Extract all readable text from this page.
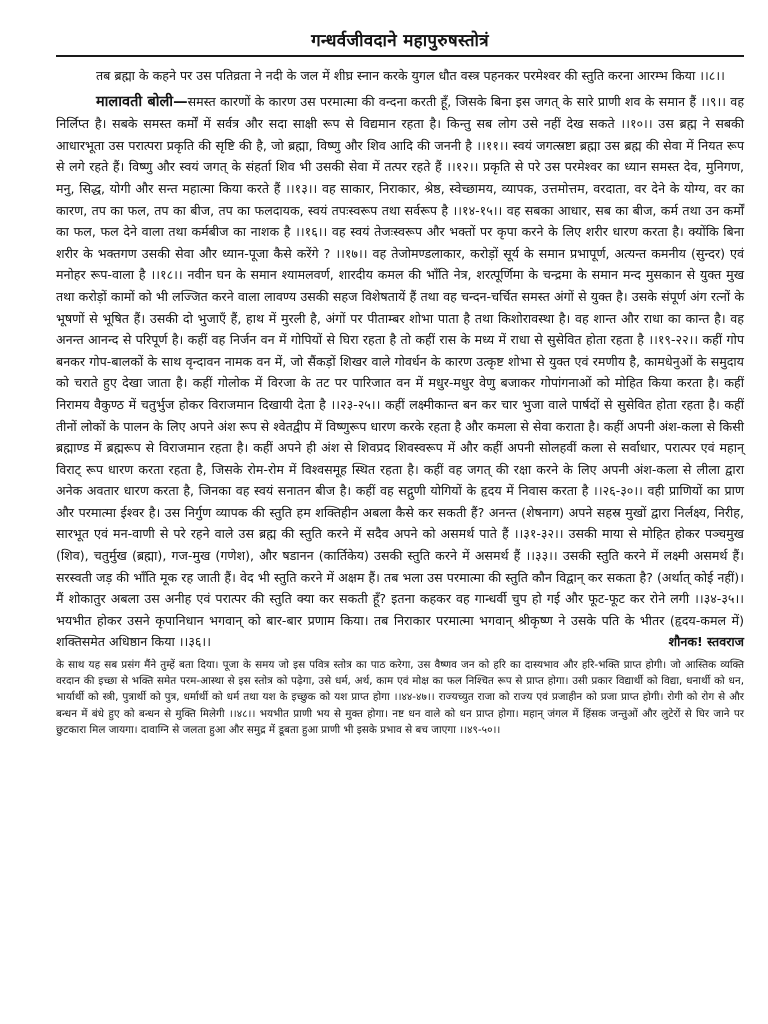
गन्धर्वजीवदाने महापुरुषस्तोत्रं

तब ब्रह्मा के कहने पर उस पतिव्रता ने नदी के जल में शीघ्र स्नान करके युगल धौत वस्त्र पहनकर परमेश्वर की स्तुति करना आरम्भ किया ।।८।।

मालावती बोली—समस्त कारणों के कारण उस परमात्मा की वन्दना करती हूँ, जिसके बिना इस जगत् के सारे प्राणी शव के समान हैं ।।९।। वह निर्लिप्त है। सबके समस्त कर्मों में सर्वत्र और सदा साक्षी रूप से विद्यमान रहता है। किन्तु सब लोग उसे नहीं देख सकते ।।१०।। उस ब्रह्म ने सबकी आधारभूता उस परात्परा प्रकृति की सृष्टि की है, जो ब्रह्मा, विष्णु और शिव आदि की जननी है ।।११।। स्वयं जगत्स्रष्टा ब्रह्मा उस ब्रह्म की सेवा में नियत रूप से लगे रहते हैं। विष्णु और स्वयं जगत् के संहर्ता शिव भी उसकी सेवा में तत्पर रहते हैं ।।१२।। प्रकृति से परे उस परमेश्वर का ध्यान समस्त देव, मुनिगण, मनु, सिद्ध, योगी और सन्त महात्मा किया करते हैं ।।१३।। वह साकार, निराकार, श्रेष्ठ, स्वेच्छामय, व्यापक, उत्तमोत्तम, वरदाता, वर देने के योग्य, वर का कारण, तप का फल, तप का बीज, तप का फलदायक, स्वयं तपःस्वरूप तथा सर्वरूप है ।।१४-१५।। वह सबका आधार, सब का बीज, कर्म तथा उन कर्मों का फल, फल देने वाला तथा कर्मबीज का नाशक है ।।१६।। वह स्वयं तेजःस्वरूप और भक्तों पर कृपा करने के लिए शरीर धारण करता है। क्योंकि बिना शरीर के भक्तगण उसकी सेवा और ध्यान-पूजा कैसे करेंगे ? ।।१७।। वह तेजोमण्डलाकार, करोड़ों सूर्य के समान प्रभापूर्ण, अत्यन्त कमनीय (सुन्दर) एवं मनोहर रूप-वाला है ।।१८।। नवीन घन के समान श्यामलवर्ण, शारदीय कमल की भाँति नेत्र, शरत्पूर्णिमा के चन्द्रमा के समान मन्द मुसकान से युक्त मुख तथा करोड़ों कामों को भी लज्जित करने वाला लावण्य उसकी सहज विशेषतायें हैं तथा वह चन्दन-चर्चित समस्त अंगों से युक्त है। उसके संपूर्ण अंग रत्नों के भूषणों से भूषित हैं। उसकी दो भुजाएँ हैं, हाथ में मुरली है, अंगों पर पीताम्बर शोभा पाता है तथा किशोरावस्था है। वह शान्त और राधा का कान्त है। वह अनन्त आनन्द से परिपूर्ण है। कहीं वह निर्जन वन में गोपियों से घिरा रहता है तो कहीं रास के मध्य में राधा से सुसेवित होता रहता है ।।१९-२२।। कहीं गोप बनकर गोप-बालकों के साथ वृन्दावन नामक वन में, जो सैंकड़ों शिखर वाले गोवर्धन के कारण उत्कृष्ट शोभा से युक्त एवं रमणीय है, कामधेनुओं के समुदाय को चराते हुए देखा जाता है। कहीं गोलोक में विरजा के तट पर पारिजात वन में मधुर-मधुर वेणु बजाकर गोपांगनाओं को मोहित किया करता है। कहीं निरामय वैकुण्ठ में चतुर्भुज होकर विराजमान दिखायी देता है ।।२३-२५।। कहीं लक्ष्मीकान्त बन कर चार भुजा वाले पार्षदों से सुसेवित होता रहता है। कहीं तीनों लोकों के पालन के लिए अपने अंश रूप से श्वेतद्वीप में विष्णुरूप धारण करके रहता है और कमला से सेवा कराता है। कहीं अपनी अंश-कला से किसी ब्रह्माण्ड में ब्रह्मरूप से विराजमान रहता है। कहीं अपने ही अंश से शिवप्रद शिवस्वरूप में और कहीं अपनी सोलहवीं कला से सर्वाधार, परात्पर एवं महान् विराट् रूप धारण करता रहता है, जिसके रोम-रोम में विश्वसमूह स्थित रहता है। कहीं वह जगत् की रक्षा करने के लिए अपनी अंश-कला से लीला द्वारा अनेक अवतार धारण करता है, जिनका वह स्वयं सनातन बीज है। कहीं वह सद्गुणी योगियों के हृदय में निवास करता है ।।२६-३०।। वही प्राणियों का प्राण और परमात्मा ईश्वर है। उस निर्गुण व्यापक की स्तुति हम शक्तिहीन अबला कैसे कर सकती हैं? अनन्त (शेषनाग) अपने सहस्र मुखों द्वारा निर्लक्ष्य, निरीह, सारभूत एवं मन-वाणी से परे रहने वाले उस ब्रह्म की स्तुति करने में सदैव अपने को असमर्थ पाते हैं ।।३१-३२।। उसकी माया से मोहित होकर पञ्चमुख (शिव), चतुर्मुख (ब्रह्मा), गज-मुख (गणेश), और षडानन (कार्तिकेय) उसकी स्तुति करने में असमर्थ हैं ।।३३।। उसकी स्तुति करने में लक्ष्मी असमर्थ हैं। सरस्वती जड़ की भाँति मूक रह जाती हैं। वेद भी स्तुति करने में अक्षम हैं। तब भला उस परमात्मा की स्तुति कौन विद्वान् कर सकता है? (अर्थात् कोई नहीं)। मैं शोकातुर अबला उस अनीह एवं परात्पर की स्तुति क्या कर सकती हूँ? इतना कहकर वह गान्धर्वी चुप हो गई और फूट-फूट कर रोने लगी ।।३४-३५।। भयभीत होकर उसने कृपानिधान भगवान् को बार-बार प्रणाम किया। तब निराकार परमात्मा भगवान् श्रीकृष्ण ने उसके पति के भीतर (हृदय-कमल में) शक्तिसमेत अधिष्ठान किया ।।३६।।	शौनक! स्तवराज

के साथ यह सब प्रसंग मैंने तुम्हें बता दिया। पूजा के समय जो इस पवित्र स्तोत्र का पाठ करेगा, उस वैष्णव जन को हरि का दास्यभाव और हरि-भक्ति प्राप्त होगी। जो आस्तिक व्यक्ति वरदान की इच्छा से भक्ति समेत परम-आस्था से इस स्तोत्र को पढ़ेगा, उसे धर्म, अर्थ, काम एवं मोक्ष का फल निश्चित रूप से प्राप्त होगा। उसी प्रकार विद्यार्थी को विद्या, धनार्थी को धन, भार्यार्थी को स्त्री, पुत्रार्थी को पुत्र, धर्मार्थी को धर्म तथा यश के इच्छुक को यश प्राप्त होगा ।।४४-४७।। राज्यच्युत राजा को राज्य एवं प्रजाहीन को प्रजा प्राप्त होगी। रोगी को रोग से और बन्धन में बंधे हुए को बन्धन से मुक्ति मिलेगी ।।४८।। भयभीत प्राणी भय से मुक्त होगा। नष्ट धन वाले को धन प्राप्त होगा। महान् जंगल में हिंसक जन्तुओं और लुटेरों से घिर जाने पर छुटकारा मिल जायगा। दावाग्नि से जलता हुआ और समुद्र में डूबता हुआ प्राणी भी इसके प्रभाव से बच जाएगा ।।४९-५०।।
